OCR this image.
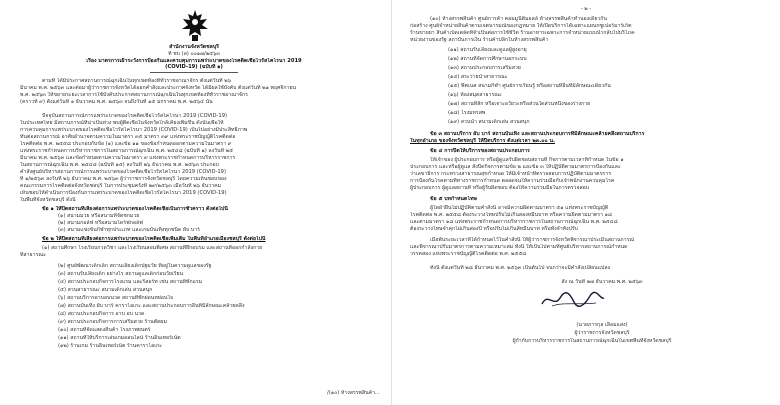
สำนักงานจังหวัดชลบุรี
ที่ ชบ (ล) ๐๐๑๗/๒๕๖๓
เรื่อง มาตรการเฝ้าระวังการป้องกันและควบคุมการแพร่ระบาดของโรคติดเชื้อไวรัสโคโรนา 2019
(COVID-19) (ฉบับที่ ๑)
ตามที่ ได้มีประกาศสถานการณ์ฉุกเฉินในทุกเขตท้องที่ทั่วราชอาณาจักร ตั้งแต่วันที่ ๒๖
มีนาคม พ.ศ. ๒๕๖๓ และต่อมาผู้ว่าราชการจังหวัดได้ออกคำสั่งและประกาศจังหวัด ได้มีผลใช้บังคับ ตั้งแต่วันที่ ๒๑ พฤศจิกายน
พ.ศ. ๒๕๖๓ ให้ขยายระยะเวลาการใช้บังคับประกาศสถานการณ์ฉุกเฉินในทุกเขตท้องที่ทั่วราชอาณาจักร
(คราวที่ ๙) ตั้งแต่วันที่ ๑ ธันวาคม พ.ศ. ๒๕๖๓ จนถึงวันที่ ๑๕ มกราคม พ.ศ. ๒๕๖๔ นั้น
ปัจจุบันสถานการณ์การแพร่ระบาดของโรคติดเชื้อไวรัสโคโรนา 2019 (COVID-19)
ในประเทศไทย มีสถานการณ์ที่น่าเป็นห่วง พบผู้ติดเชื้อในจังหวัดใกล้เคียงเพิ่มขึ้น ดังนั้นเพื่อให้
การควบคุมการแพร่ระบาดของโรคติดเชื้อไวรัสโคโรนา 2019 (COVID-19) เป็นไปอย่างมีประสิทธิภาพ
ทันต่อสถานการณ์ อาศัยอำนาจตามความในมาตรา ๓๕ มาตรา ๓๙ แห่งพระราชบัญญัติโรคติดต่อ
โรคติดต่อ พ.ศ. ๒๕๕๘ ประกอบกับข้อ (๑) และข้อ ๑๑ ของข้อกำหนดออกตามความในมาตรา ๙
แห่งพระราชกำหนดการบริหารราชการในสถานการณ์ฉุกเฉิน พ.ศ. ๒๕๔๘ (ฉบับที่ ๑) ลงวันที่ ๒๕
มีนาคม พ.ศ. ๒๕๖๓ และข้อกำหนดตามความในมาตรา ๙ แห่งพระราชกำหนดการบริหารราชการ
ในสถานการณ์ฉุกเฉิน พ.ศ. ๒๕๔๘ (ฉบับที่ ๑๕) ลงวันที่ ๒๖ ธันวาคม พ.ศ. ๒๕๖๓ ประกอบ
คำสั่งศูนย์บริหารสถานการณ์การแพร่ระบาดของโรคติดเชื้อไวรัสโคโรนา 2019 (COVID-19)
ที่ ๑/๒๕๖๓ ลงวันที่ ๒๖ ธันวาคม พ.ศ. ๒๕๖๓ ผู้ว่าราชการจังหวัดชลบุรี โดยความเห็นชอบของ
คณะกรรมการโรคติดต่อจังหวัดชลบุรี ในการประชุมครั้งที่ ๒๙/๒๕๖๓ เมื่อวันที่ ๒๖ ธันวาคม
เห็นชอบให้ดำเนินการป้องกันการแพร่ระบาดของโรคติดเชื้อไวรัสโคโรนา 2019 (COVID-19)
ในพื้นที่จังหวัดชลบุรี ดังนี้
ข้อ ๑ ให้ปิดสถานที่เสี่ยงต่อการแพร่ระบาดของโรคติดเชื้อเป็นการชั่วคราว ดังต่อไปนี้
(๑) สนามมวย หรือสนามที่จัดชกมวย
(๒) สนามกอล์ฟ หรือสนามไดร์ฟกอล์ฟ
(๓) สนามแข่งขันกีฬาทุกประเภท และเกมบันเทิงทุกชนิด ผับ บาร์
ข้อ ๒ ให้ปิดสถานที่เสี่ยงต่อการแพร่ระบาดของโรคติดเชื้อเพิ่มเติม ในพื้นที่อำเภอเมืองชลบุรี ดังต่อไปนี้
(๑) สถานศึกษา โรงเรียนกวดวิชา และโรงเรียนสอนพิเศษ สถานที่ฝึกอบรม และสถานที่ออกกำลังกาย
ที่สาธารณะ
(๒) ศูนย์พัฒนาเด็กเล็ก สถานเลี้ยงเด็กปฐมวัย ที่อยู่ในความดูแลของรัฐ
(๓) สถานรับเลี้ยงเด็ก อย่างไร สถานดูแลเด็กก่อนวัยเรียน
(๔) สถานประกอบกิจการโรงแรม และรีสอร์ท เช่น สถานที่พักแรม
(๕) สวนสาธารณะ สนามเด็กเล่น สวนสนุก
(๖) สถานบริการอาบอบนวด สถานที่พักผ่อนหย่อนใจ
(๗) สถานบันเทิง ผับ บาร์ คาราโอเกะ และสถานประกอบการอื่นที่มีลักษณะคล้ายคลึง
(๘) สถานประกอบกิจการ อาบ อบ นวด
(๙) สถานประกอบกิจการการเสริมสวย ร้านตัดผม
(๑๐) สถานที่จัดแสดงสินค้า โรงภาพยนตร์
(๑๑) สถานที่ให้บริการเล่นเกมออนไลน์ ร้านอินเทอร์เน็ต
(๑๒) ร้านเกม ร้านอินเทอร์เน็ต ร้านคาราโอเกะ
/(๑๐) ห้างสรรพสินค้า...
- ๒ -
(๑๐) ห้างสรรพสินค้า ศูนย์การค้า คอมมูนิตี้มอลล์ ห้างสรรพสินค้าทำนองเดียวกัน
ก่อสร้าง ศูนย์จำหน่ายสินค้าตามเจตนารมณ์ของกฎหมาย ให้เปิดบริการได้เฉพาะแผนกซูเปอร์มาร์เก็ต
ร้านขายยา สินค้าเบ็ดเตล็ดที่จำเป็นต่อการใช้ชีวิต ร้านอาหารเฉพาะการจำหน่ายแบบนำกลับไปบริโภค
หน่วยงานของรัฐ สถาบันการเงิน ร้านค้าปลีกในห้างสรรพสินค้า
(๑๑) สถานรับเลี้ยงและดูแลผู้สูงอายุ
(๑๒) สถานที่จัดการศึกษานอกระบบ
(๑๓) สถานประกอบการเสริมสวย
(๑๔) สระว่ายน้ำสาธารณะ
(๑๕) ฟิตเนส สนามกีฬา ศูนย์การเรียนรู้ หรือสถานที่อื่นที่มีลักษณะเดียวกัน
(๑๖) ห้องสมุดสาธารณะ
(๑๗) สถานที่สัก หรือเจาะอวัยวะหรือส่วนใดส่วนหนึ่งของร่างกาย
(๑๘) โรงมหรสพ
(๑๙) สวนน้ำ สนามเด็กเล่น สวนสนุก
ข้อ ๓ สถานบริการ ผับ บาร์ สถานบันเทิง และสถานประกอบการที่มีลักษณะคล้ายคลึงสถานบริการ
ในทุกอำเภอ ของจังหวัดชลบุรี ให้ปิดบริการ ตั้งแต่เวลา ๒๓.๐๐ น.
ข้อ ๔ การปิดให้บริการของสถานประกอบการ
ให้เจ้าของ ผู้ประกอบการ หรือผู้ดูแลรับผิดชอบสถานที่ กิจการตามเวลาที่กำหนด ในข้อ ๑
ประกอบการ และหรือผู้ดูแล สั่งปิดกิจการตามข้อ ๒ และข้อ ๓ ให้ปฏิบัติตามมาตรการป้องกันและ
ว่าเลขาธิการ กระทรวงสาธารณสุขกำหนด ให้มีเจ้าหน้าที่ตรวจสอบการปฏิบัติตามมาตรการ
การป้องกันโรคตามที่ทางราชการกำหนด ตลอดจนให้ความร่วมมือกับเจ้าพนักงานควบคุมโรค
ผู้ประกอบการ ผู้ดูแลสถานที่ หรือผู้รับผิดชอบ ต้องให้ความร่วมมือในการตรวจสอบ
ข้อ ๕ บทกำหนดโทษ
ผู้ใดฝ่าฝืนไม่ปฏิบัติตามคำสั่งนี้ อาจมีความผิดตามมาตรา ๕๑ แห่งพระราชบัญญัติ
โรคติดต่อ พ.ศ. ๒๕๕๘ ต้องระวางโทษปรับไม่เกินสองหมื่นบาท หรือความผิดตามมาตรา ๑๘
และตามมาตรา ๑๘ แห่งพระราชกำหนดการบริหารราชการในสถานการณ์ฉุกเฉิน พ.ศ. ๒๕๔๘
ต้องระวางโทษจำคุกไม่เกินสองปี หรือปรับไม่เกินสี่หมื่นบาท หรือทั้งจำทั้งปรับ
เมื่อพ้นระยะเวลาที่ได้กำหนดไว้ในคำสั่งนี้ ให้ผู้ว่าราชการจังหวัดพิจารณาประเมินสถานการณ์
และพิจารณาปรับมาตรการตามความเหมาะสม ทั้งนี้ ให้เป็นไปตามที่ศูนย์บริหารสถานการณ์กำหนด
วรรคสอง แห่งพระราชบัญญัติโรคติดต่อ พ.ศ. ๒๕๕๘
ทั้งนี้ ตั้งแต่วันที่ ๒๘ ธันวาคม พ.ศ. ๒๕๖๓ เป็นต้นไป จนกว่าจะมีคำสั่งเปลี่ยนแปลง
สั่ง ณ วันที่ ๒๗ ธันวาคม พ.ศ. ๒๕๖๓
(นายภารกุล เลื่อมแสง)
ผู้ว่าราชการจังหวัดชลบุรี
ผู้กำกับการบริหารราชการในสถานการณ์ฉุกเฉินในเขตพื้นที่จังหวัดชลบุรี
